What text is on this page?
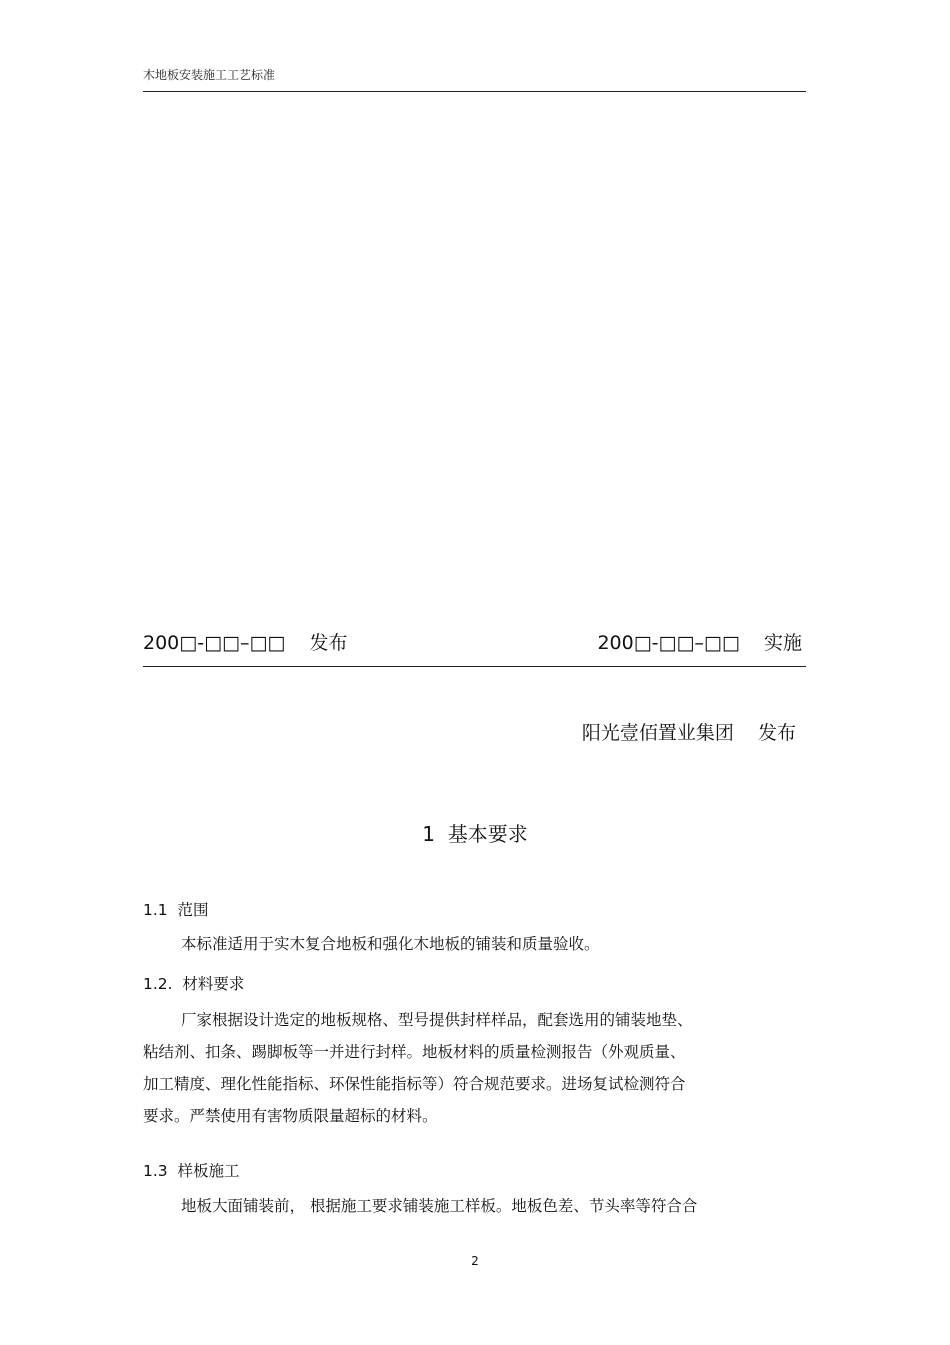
木地板安装施工工艺标准
200□-□□–□□    发布	200□-□□–□□    实施
阳光壹佰置业集团    发布
1  基本要求
1.1  范围
本标准适用于实木复合地板和强化木地板的铺装和质量验收。
1.2.  材料要求
厂家根据设计选定的地板规格、型号提供封样样品，配套选用的铺装地垫、
粘结剂、扣条、踢脚板等一并进行封样。地板材料的质量检测报告（外观质量、
加工精度、理化性能指标、环保性能指标等）符合规范要求。进场复试检测符合
要求。严禁使用有害物质限量超标的材料。
1.3  样板施工
地板大面铺装前， 根据施工要求铺装施工样板。地板色差、节头率等符合合
2
